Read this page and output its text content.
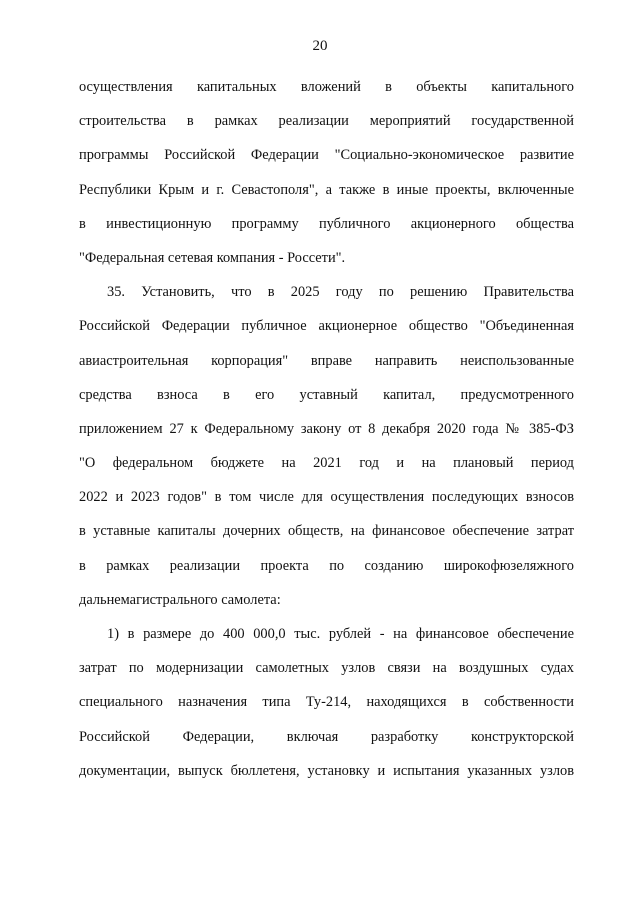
20
осуществления капитальных вложений в объекты капитального
строительства в рамках реализации мероприятий государственной
программы Российской Федерации "Социально-экономическое развитие
Республики Крым и г. Севастополя", а также в иные проекты, включенные
в инвестиционную программу публичного акционерного общества
"Федеральная сетевая компания - Россети".
35. Установить, что в 2025 году по решению Правительства
Российской Федерации публичное акционерное общество "Объединенная
авиастроительная корпорация" вправе направить неиспользованные
средства взноса в его уставный капитал, предусмотренного
приложением 27 к Федеральному закону от 8 декабря 2020 года № 385-ФЗ
"О федеральном бюджете на 2021 год и на плановый период
2022 и 2023 годов" в том числе для осуществления последующих взносов
в уставные капиталы дочерних обществ, на финансовое обеспечение затрат
в рамках реализации проекта по созданию широкофюзеляжного
дальнемагистрального самолета:
1) в размере до 400 000,0 тыс. рублей - на финансовое обеспечение
затрат по модернизации самолетных узлов связи на воздушных судах
специального назначения типа Ту-214, находящихся в собственности
Российской Федерации, включая разработку конструкторской
документации, выпуск бюллетеня, установку и испытания указанных узлов
